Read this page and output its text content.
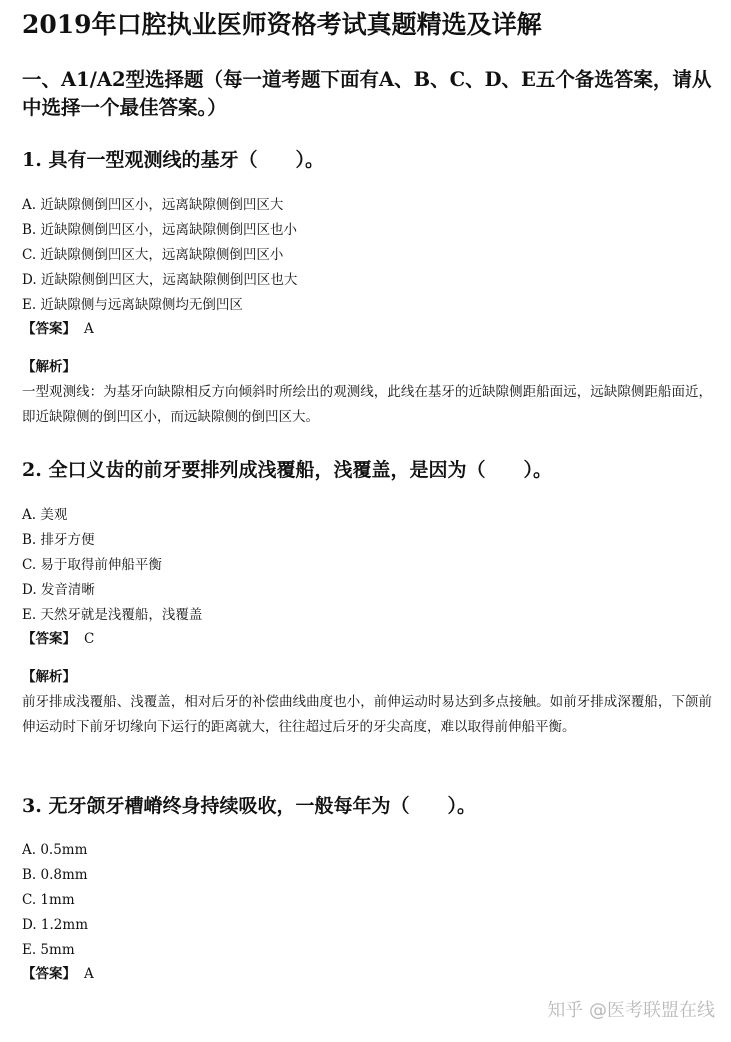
2019年口腔执业医师资格考试真题精选及详解
一、A1/A2型选择题（每一道考题下面有A、B、C、D、E五个备选答案，请从中选择一个最佳答案。）
1. 具有一型观测线的基牙（　　）。
A. 近缺隙侧倒凹区小，远离缺隙侧倒凹区大
B. 近缺隙侧倒凹区小，远离缺隙侧倒凹区也小
C. 近缺隙侧倒凹区大，远离缺隙侧倒凹区小
D. 近缺隙侧倒凹区大，远离缺隙侧倒凹区也大
E. 近缺隙侧与远离缺隙侧均无倒凹区
【答案】 A
【解析】
一型观测线：为基牙向缺隙相反方向倾斜时所绘出的观测线，此线在基牙的近缺隙侧距船面远，远缺隙侧距船面近，即近缺隙侧的倒凹区小，而远缺隙侧的倒凹区大。
2. 全口义齿的前牙要排列成浅覆船，浅覆盖，是因为（　　）。
A. 美观
B. 排牙方便
C. 易于取得前伸船平衡
D. 发音清晰
E. 天然牙就是浅覆船，浅覆盖
【答案】 C
【解析】
前牙排成浅覆船、浅覆盖，相对后牙的补偿曲线曲度也小，前伸运动时易达到多点接触。如前牙排成深覆船，下颌前伸运动时下前牙切缘向下运行的距离就大，往往超过后牙的牙尖高度，难以取得前伸船平衡。
3. 无牙颌牙槽嵴终身持续吸收，一般每年为（　　）。
A. 0.5mm
B. 0.8mm
C. 1mm
D. 1.2mm
E. 5mm
【答案】 A
知乎 @医考联盟在线
